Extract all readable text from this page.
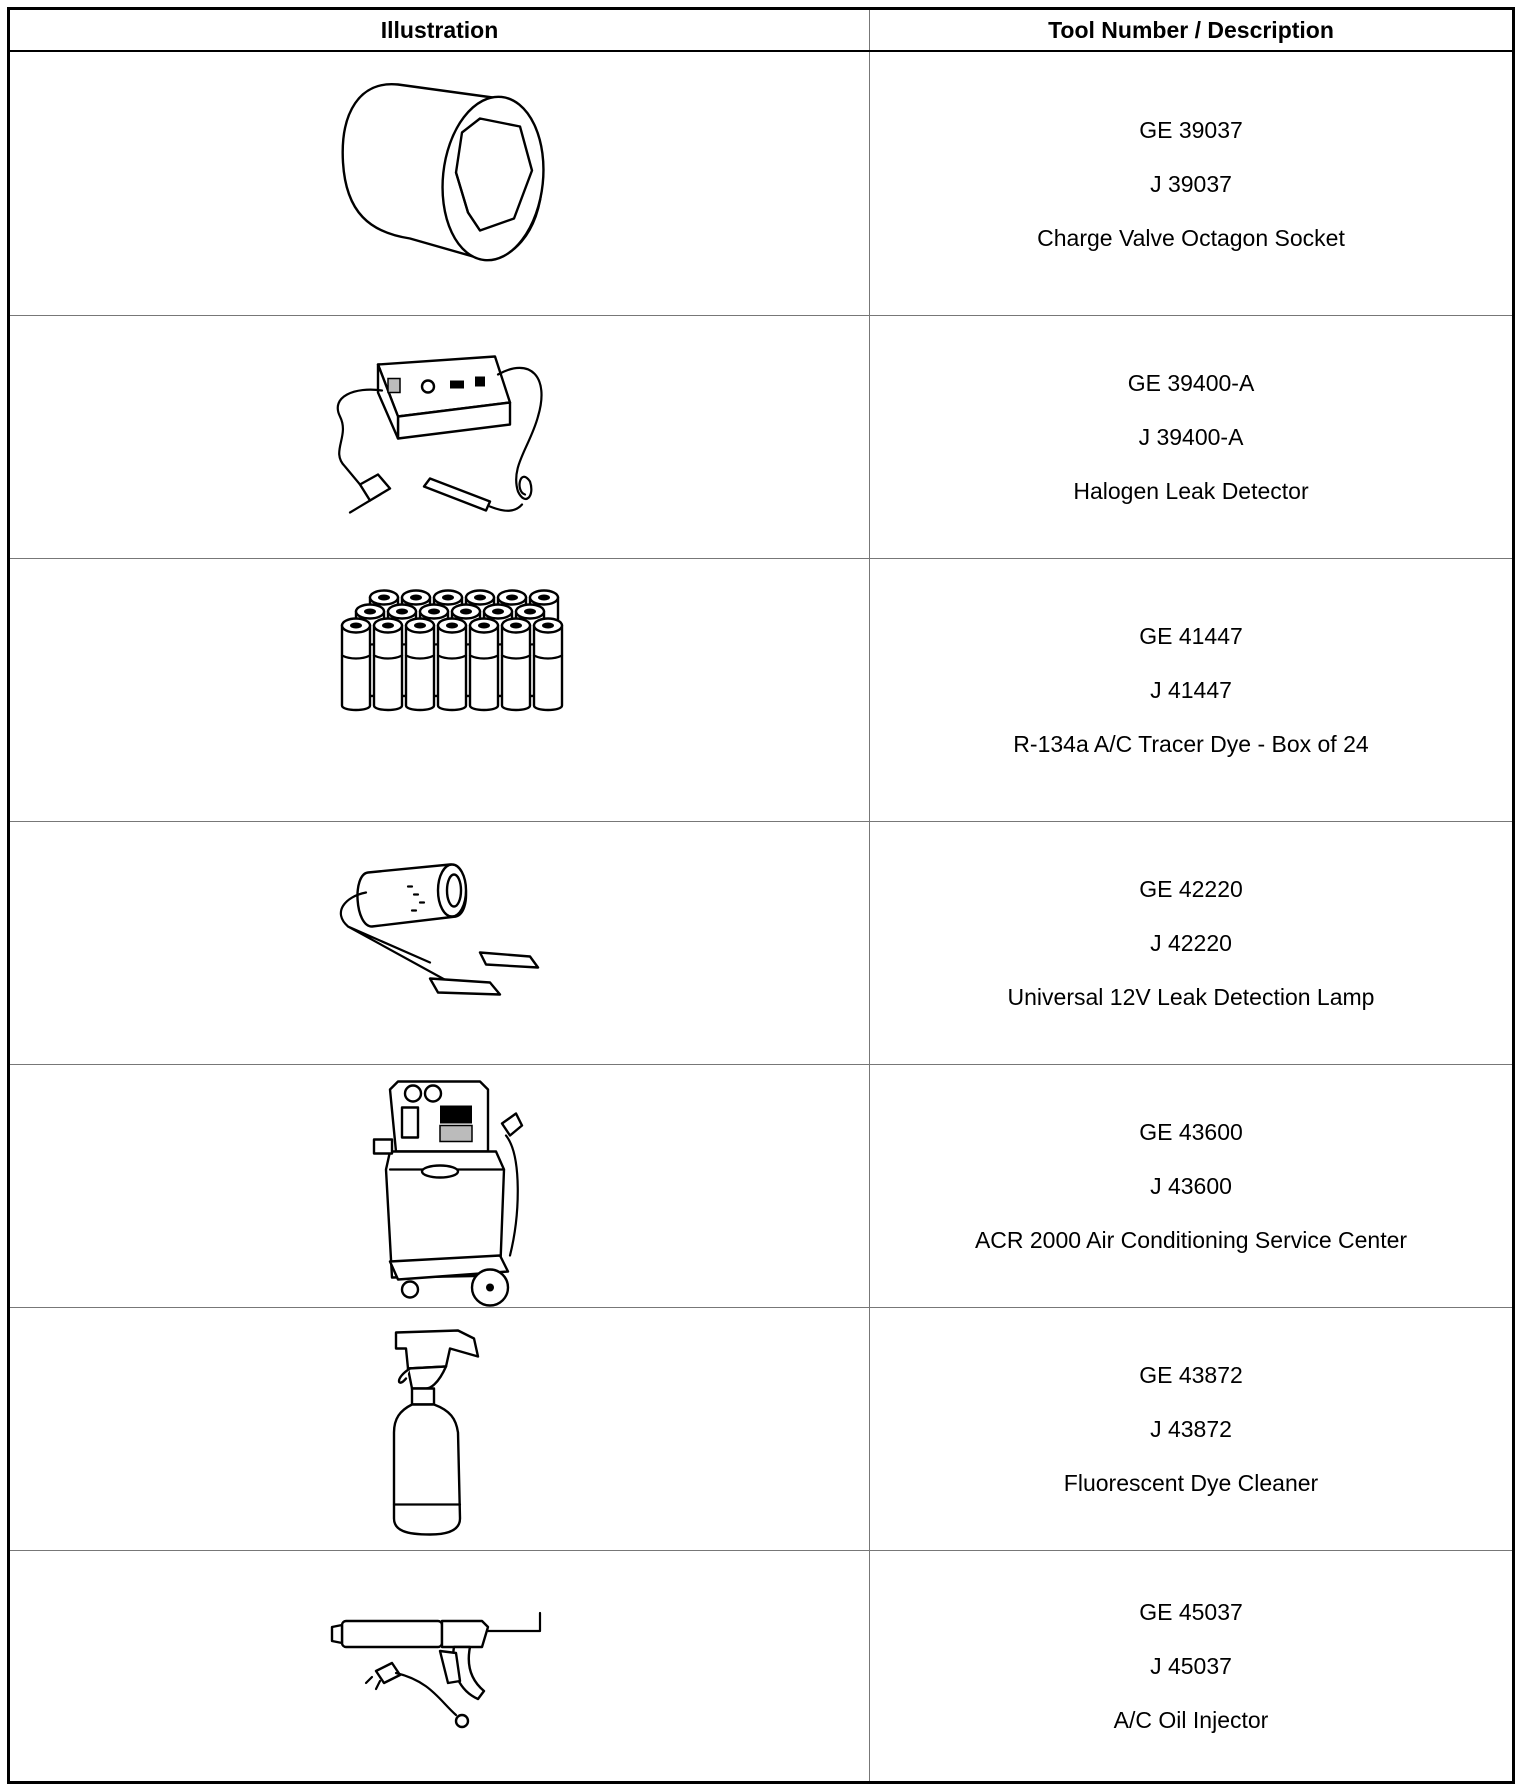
Illustration	Tool Number / Description
GE 39037
J 39037
Charge Valve Octagon Socket
GE 39400-A
J 39400-A
Halogen Leak Detector
GE 41447
J 41447
R-134a A/C Tracer Dye - Box of 24
GE 42220
J 42220
Universal 12V Leak Detection Lamp
GE 43600
J 43600
ACR 2000 Air Conditioning Service Center
GE 43872
J 43872
Fluorescent Dye Cleaner
GE 45037
J 45037
A/C Oil Injector
